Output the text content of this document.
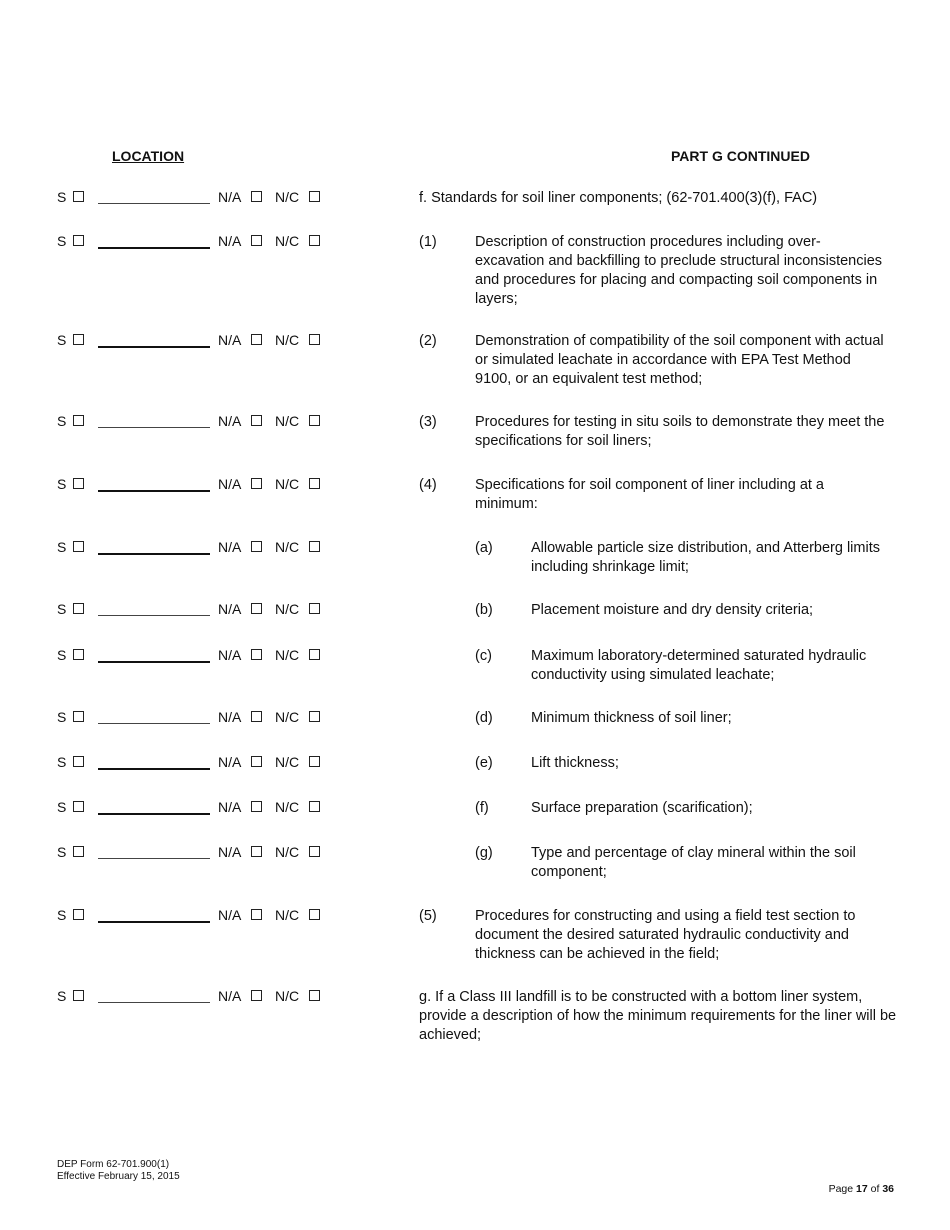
LOCATION	PART G CONTINUED
S	N/A N/C	f. Standards for soil liner components; (62-701.400(3)(f), FAC)
S	N/A N/C	(1)	Description of construction procedures including over-excavation and backfilling to preclude structural inconsistencies and procedures for placing and compacting soil components in layers;
S	N/A N/C	(2)	Demonstration of compatibility of the soil component with actual or simulated leachate in accordance with EPA Test Method 9100, or an equivalent test method;
S	N/A N/C	(3)	Procedures for testing in situ soils to demonstrate they meet the specifications for soil liners;
S	N/A N/C	(4)	Specifications for soil component of liner including at a minimum:
S	N/A N/C	(a)	Allowable particle size distribution, and Atterberg limits including shrinkage limit;
S	N/A N/C	(b)	Placement moisture and dry density criteria;
S	N/A N/C	(c)	Maximum laboratory-determined saturated hydraulic conductivity using simulated leachate;
S	N/A N/C	(d)	Minimum thickness of soil liner;
S	N/A N/C	(e)	Lift thickness;
S	N/A N/C	(f)	Surface preparation (scarification);
S	N/A N/C	(g)	Type and percentage of clay mineral within the soil component;
S	N/A N/C	(5)	Procedures for constructing and using a field test section to document the desired saturated hydraulic conductivity and thickness can be achieved in the field;
S	N/A N/C	g. If a Class III landfill is to be constructed with a bottom liner system, provide a description of how the minimum requirements for the liner will be achieved;
DEP Form 62-701.900(1)
Effective February 15, 2015
Page 17 of 36
